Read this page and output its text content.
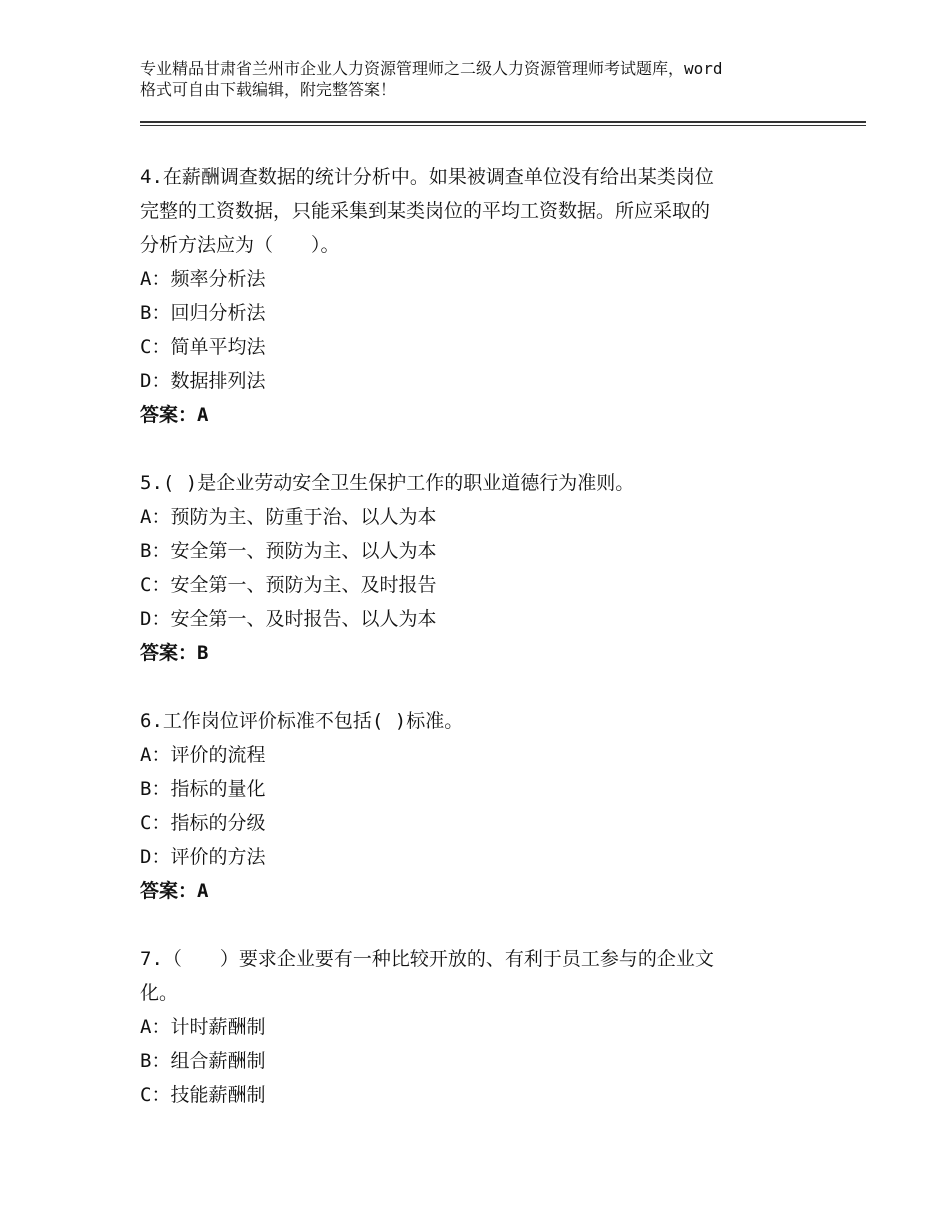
专业精品甘肃省兰州市企业人力资源管理师之二级人力资源管理师考试题库，word
格式可自由下载编辑，附完整答案！
4.在薪酬调查数据的统计分析中。如果被调查单位没有给出某类岗位
完整的工资数据，只能采集到某类岗位的平均工资数据。所应采取的
分析方法应为（　　）。
A：频率分析法
B：回归分析法
C：简单平均法
D：数据排列法
答案：A
5.( )是企业劳动安全卫生保护工作的职业道德行为准则。
A：预防为主、防重于治、以人为本
B：安全第一、预防为主、以人为本
C：安全第一、预防为主、及时报告
D：安全第一、及时报告、以人为本
答案：B
6.工作岗位评价标准不包括( )标准。
A：评价的流程
B：指标的量化
C：指标的分级
D：评价的方法
答案：A
7.（　　）要求企业要有一种比较开放的、有利于员工参与的企业文
化。
A：计时薪酬制
B：组合薪酬制
C：技能薪酬制
